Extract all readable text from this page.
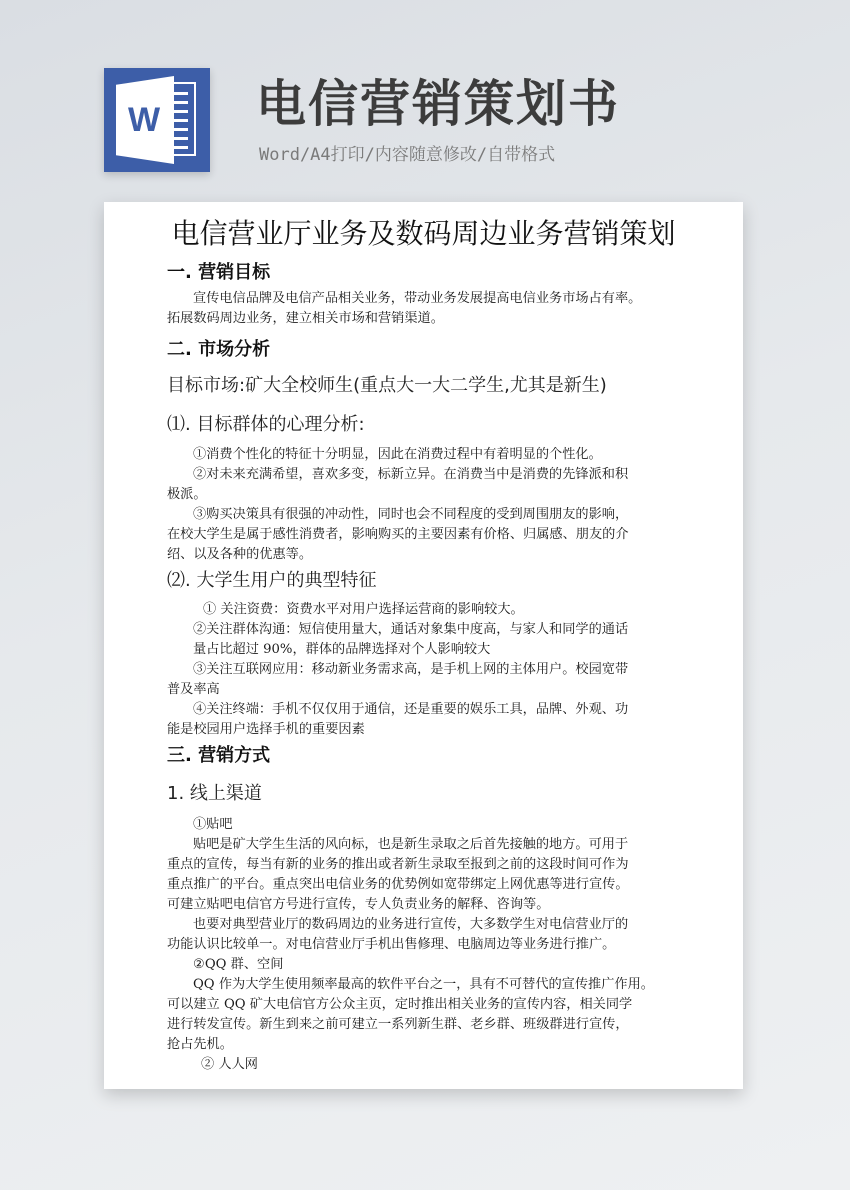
W 电信营销策划书
Word/A4打印/内容随意修改/自带格式
电信营业厅业务及数码周边业务营销策划
一. 营销目标
宣传电信品牌及电信产品相关业务，带动业务发展提高电信业务市场占有率。
拓展数码周边业务，建立相关市场和营销渠道。
二. 市场分析
目标市场:矿大全校师生(重点大一大二学生,尤其是新生)
⑴. 目标群体的心理分析:
①消费个性化的特征十分明显，因此在消费过程中有着明显的个性化。
②对未来充满希望，喜欢多变，标新立异。在消费当中是消费的先锋派和积
极派。
③购买决策具有很强的冲动性，同时也会不同程度的受到周围朋友的影响，
在校大学生是属于感性消费者，影响购买的主要因素有价格、归属感、朋友的介
绍、以及各种的优惠等。
⑵. 大学生用户的典型特征
① 关注资费：资费水平对用户选择运营商的影响较大。
②关注群体沟通：短信使用量大，通话对象集中度高，与家人和同学的通话
量占比超过 90%，群体的品牌选择对个人影响较大
③关注互联网应用：移动新业务需求高，是手机上网的主体用户。校园宽带
普及率高
④关注终端：手机不仅仅用于通信，还是重要的娱乐工具，品牌、外观、功
能是校园用户选择手机的重要因素
三. 营销方式
1. 线上渠道
①贴吧
贴吧是矿大学生生活的风向标，也是新生录取之后首先接触的地方。可用于
重点的宣传，每当有新的业务的推出或者新生录取至报到之前的这段时间可作为
重点推广的平台。重点突出电信业务的优势例如宽带绑定上网优惠等进行宣传。
可建立贴吧电信官方号进行宣传，专人负责业务的解释、咨询等。
也要对典型营业厅的数码周边的业务进行宣传，大多数学生对电信营业厅的
功能认识比较单一。对电信营业厅手机出售修理、电脑周边等业务进行推广。
②QQ 群、空间
QQ 作为大学生使用频率最高的软件平台之一，具有不可替代的宣传推广作用。
可以建立 QQ 矿大电信官方公众主页，定时推出相关业务的宣传内容，相关同学
进行转发宣传。新生到来之前可建立一系列新生群、老乡群、班级群进行宣传，
抢占先机。
② 人人网
